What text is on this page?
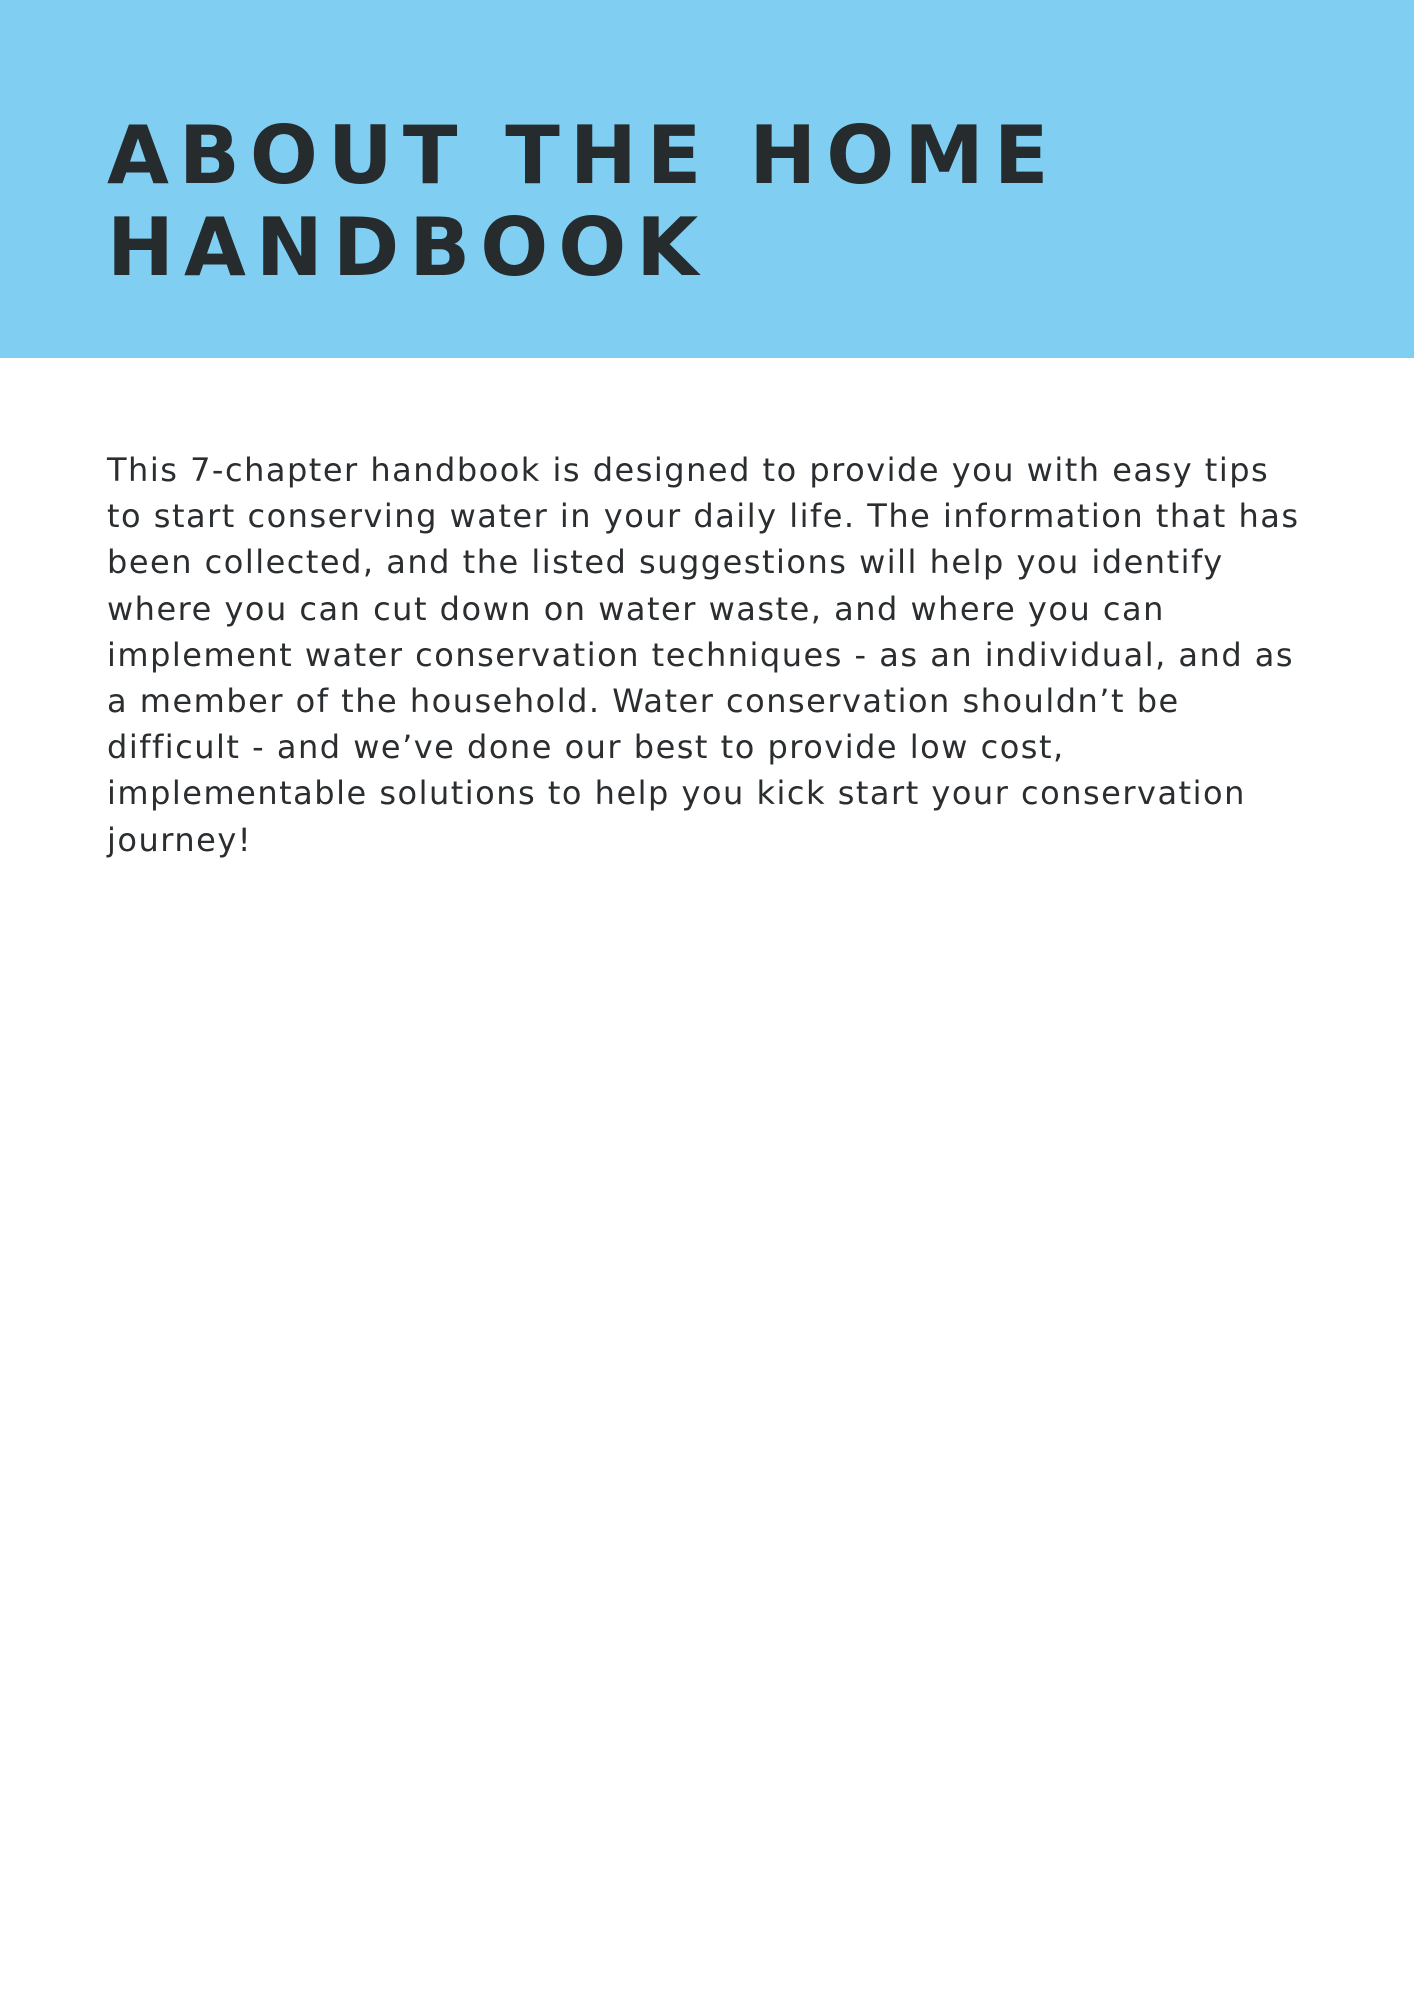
ABOUT THE HOME
HANDBOOK

This 7-chapter handbook is designed to provide you with easy tips
to start conserving water in your daily life. The information that has
been collected, and the listed suggestions will help you identify
where you can cut down on water waste, and where you can
implement water conservation techniques - as an individual, and as
a member of the household. Water conservation shouldn’t be
difficult - and we’ve done our best to provide low cost,
implementable solutions to help you kick start your conservation
journey!
